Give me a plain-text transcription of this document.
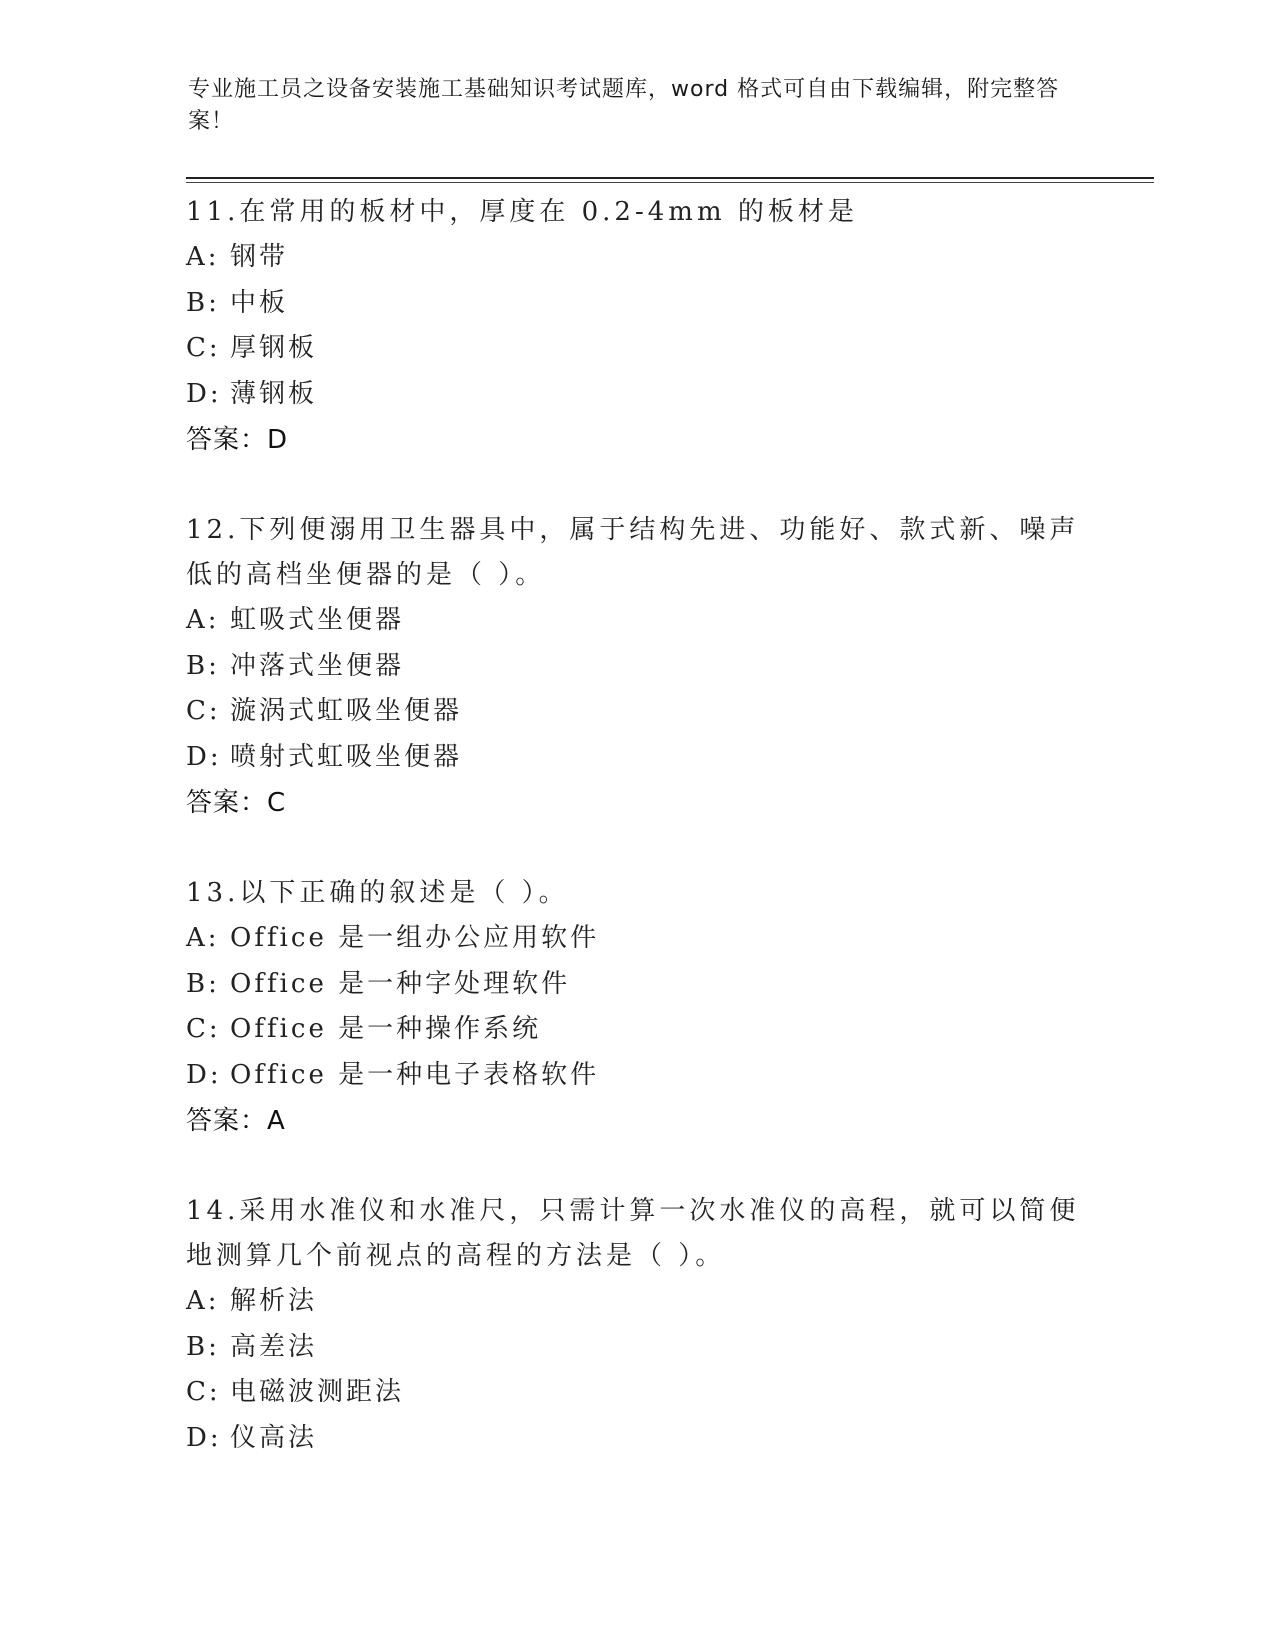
专业施工员之设备安装施工基础知识考试题库，word 格式可自由下载编辑，附完整答案！
11.在常用的板材中，厚度在 0.2-4mm 的板材是
A: 钢带
B: 中板
C: 厚钢板
D: 薄钢板
答案：D
12.下列便溺用卫生器具中，属于结构先进、功能好、款式新、噪声低的高档坐便器的是（ ）。
A: 虹吸式坐便器
B: 冲落式坐便器
C: 漩涡式虹吸坐便器
D: 喷射式虹吸坐便器
答案：C
13.以下正确的叙述是（ ）。
A: Office 是一组办公应用软件
B: Office 是一种字处理软件
C: Office 是一种操作系统
D: Office 是一种电子表格软件
答案：A
14.采用水准仪和水准尺，只需计算一次水准仪的高程，就可以简便地测算几个前视点的高程的方法是（ ）。
A: 解析法
B: 高差法
C: 电磁波测距法
D: 仪高法
